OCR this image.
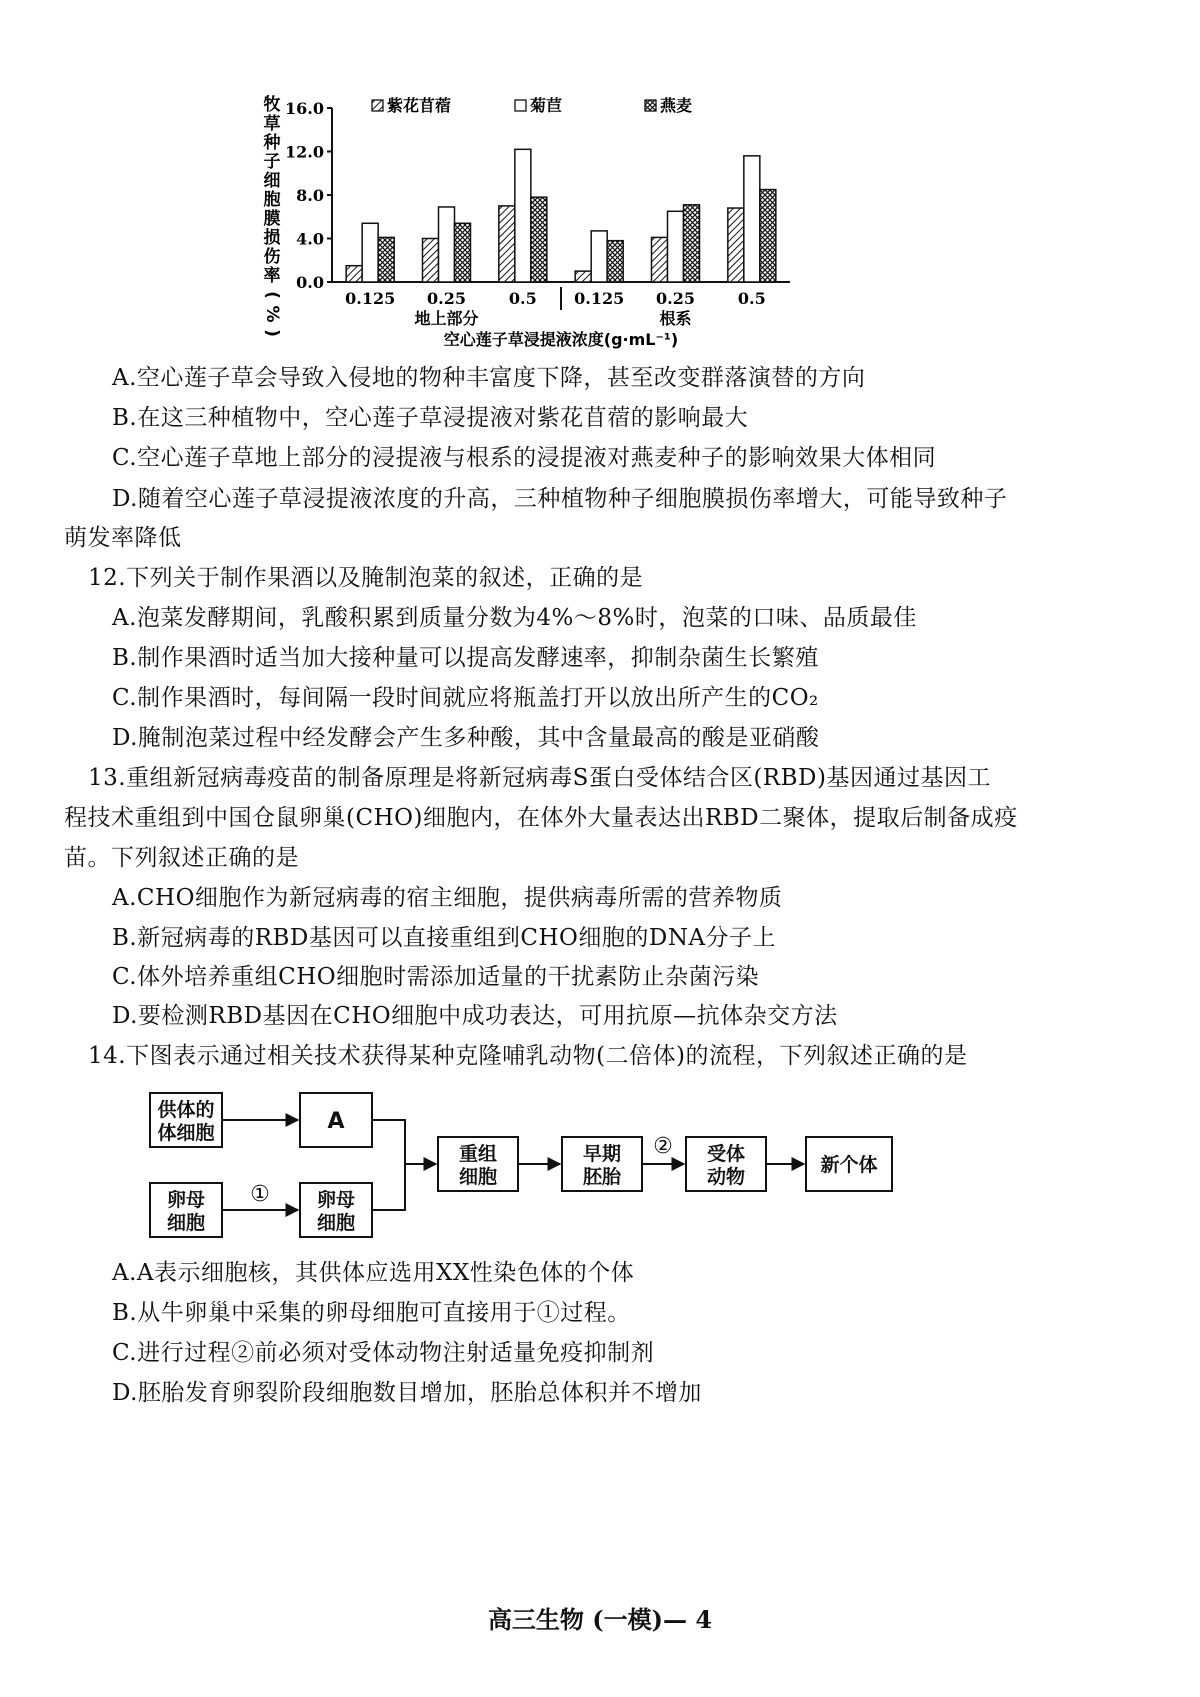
0.0
4.0
8.0
12.0
16.0
牧
草
种
子
细
胞
膜
损
伤
率
(
%
)
0.125 0.25	0.5 0.125 0.25	0.5
地上部分	根系
空心莲子草浸提液浓度(g·mL⁻¹)
紫花苜蓿	菊苣	燕麦
A.空心莲子草会导致入侵地的物种丰富度下降，甚至改变群落演替的方向
B.在这三种植物中，空心莲子草浸提液对紫花苜蓿的影响最大
C.空心莲子草地上部分的浸提液与根系的浸提液对燕麦种子的影响效果大体相同
D.随着空心莲子草浸提液浓度的升高，三种植物种子细胞膜损伤率增大，可能导致种子
萌发率降低
12.下列关于制作果酒以及腌制泡菜的叙述，正确的是
A.泡菜发酵期间，乳酸积累到质量分数为4%～8%时，泡菜的口味、品质最佳
B.制作果酒时适当加大接种量可以提高发酵速率，抑制杂菌生长繁殖
C.制作果酒时，每间隔一段时间就应将瓶盖打开以放出所产生的CO₂
D.腌制泡菜过程中经发酵会产生多种酸，其中含量最高的酸是亚硝酸
13.重组新冠病毒疫苗的制备原理是将新冠病毒S蛋白受体结合区(RBD)基因通过基因工
程技术重组到中国仓鼠卵巢(CHO)细胞内，在体外大量表达出RBD二聚体，提取后制备成疫
苗。下列叙述正确的是
A.CHO细胞作为新冠病毒的宿主细胞，提供病毒所需的营养物质
B.新冠病毒的RBD基因可以直接重组到CHO细胞的DNA分子上
C.体外培养重组CHO细胞时需添加适量的干扰素防止杂菌污染
D.要检测RBD基因在CHO细胞中成功表达，可用抗原—抗体杂交方法
14.下图表示通过相关技术获得某种克隆哺乳动物(二倍体)的流程，下列叙述正确的是
供体的
体细胞	A
卵母
细胞
卵母
细胞
重组
细胞
早期
胚胎
受体
动物
新个体
①
②
A.A表示细胞核，其供体应选用XX性染色体的个体
B.从牛卵巢中采集的卵母细胞可直接用于①过程。
C.进行过程②前必须对受体动物注射适量免疫抑制剂
D.胚胎发育卵裂阶段细胞数目增加，胚胎总体积并不增加
高三生物 (一模)— 4
